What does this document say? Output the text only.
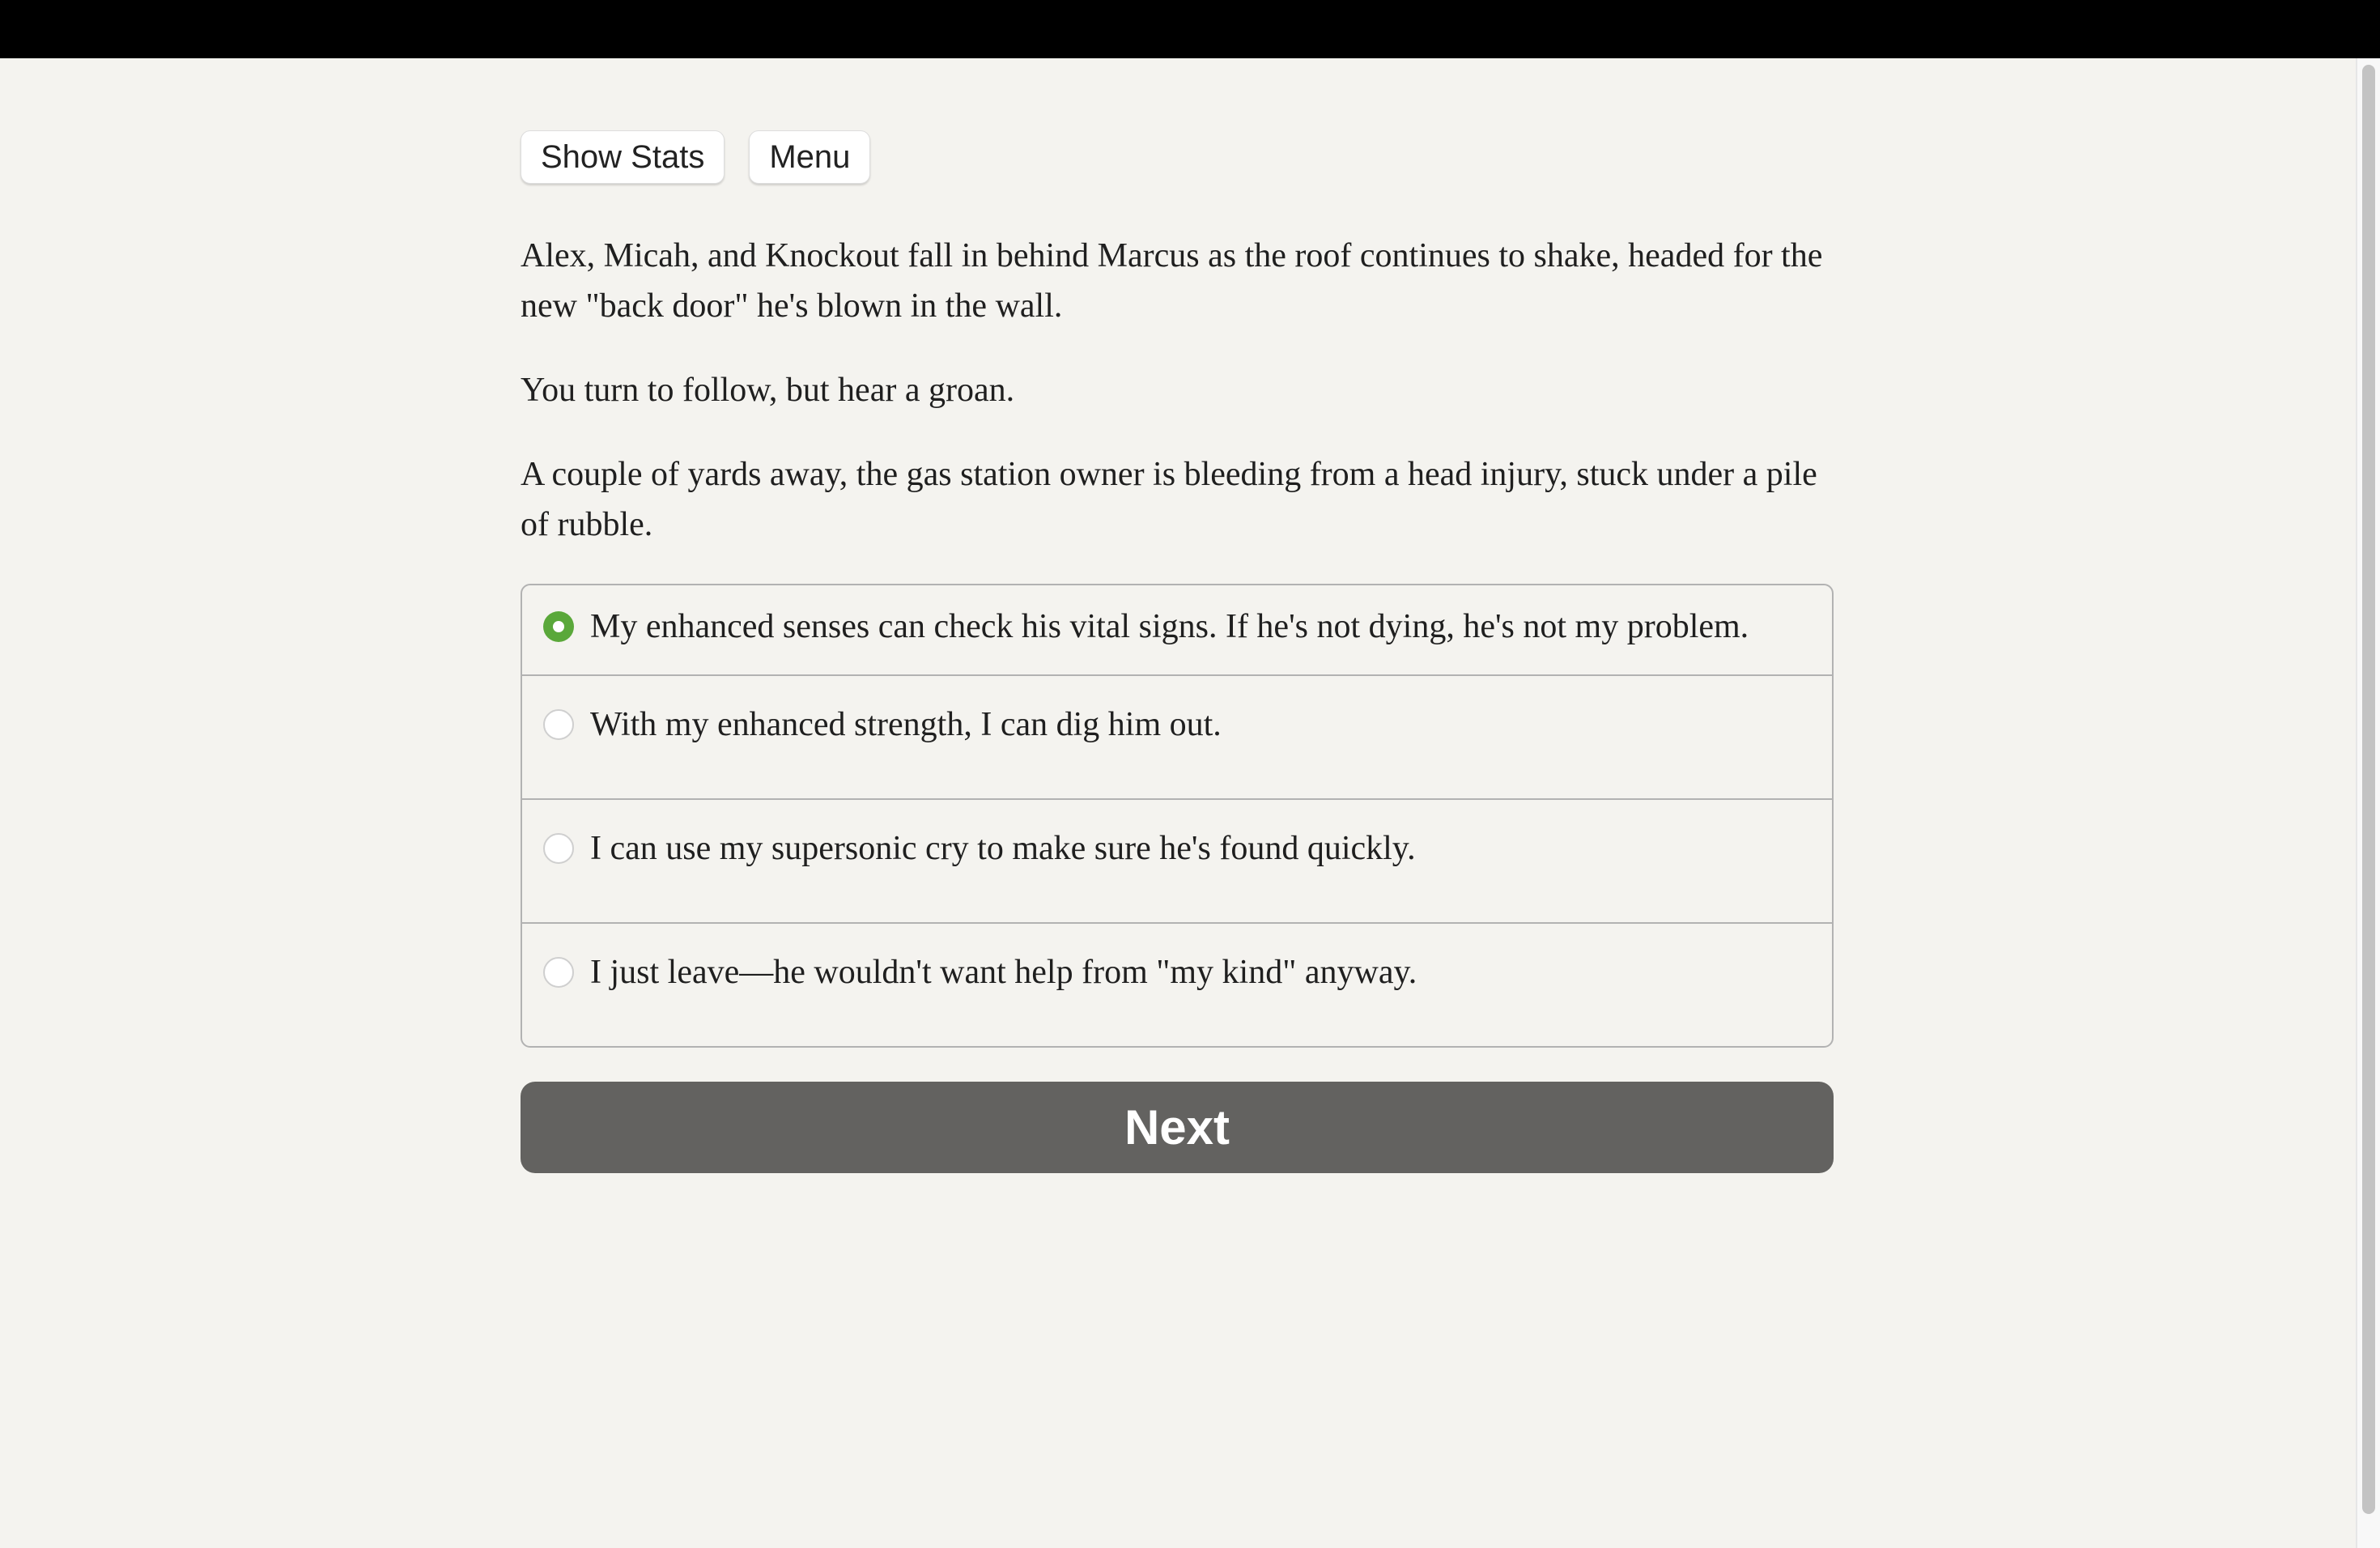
Show Stats	Menu

Alex, Micah, and Knockout fall in behind Marcus as the roof continues to shake, headed for the new "back door" he's blown in the wall.

You turn to follow, but hear a groan.

A couple of yards away, the gas station owner is bleeding from a head injury, stuck under a pile of rubble.

My enhanced senses can check his vital signs. If he's not dying, he's not my problem.
With my enhanced strength, I can dig him out.
I can use my supersonic cry to make sure he's found quickly.
I just leave—he wouldn't want help from "my kind" anyway.
Next
